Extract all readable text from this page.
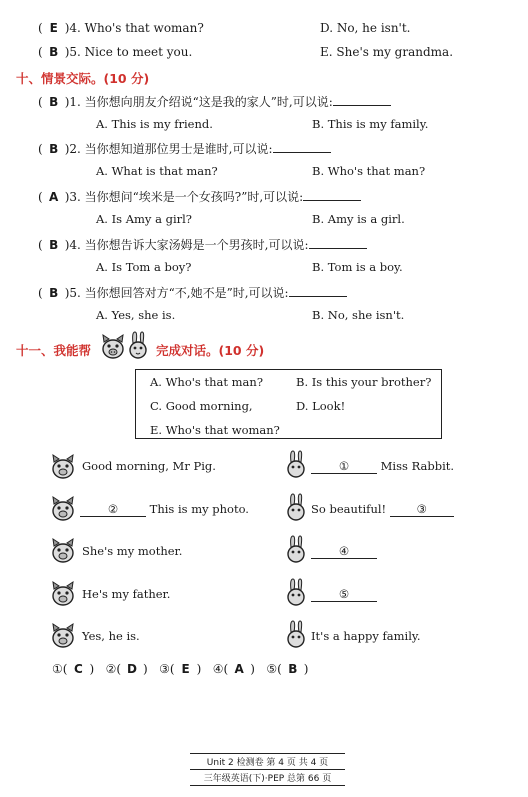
( E )4. Who's that woman?	D. No, he isn't.
( B )5. Nice to meet you.	E. She's my grandma.
十、情景交际。(10 分)
( B )1. 当你想向朋友介绍说“这是我的家人”时,可以说:
A. This is my friend.	B. This is my family.
( B )2. 当你想知道那位男士是谁时,可以说:
A. What is that man?	B. Who's that man?
( A )3. 当你想问“埃米是一个女孩吗?”时,可以说:
A. Is Amy a girl?	B. Amy is a girl.
( B )4. 当你想告诉大家汤姆是一个男孩时,可以说:
A. Is Tom a boy?	B. Tom is a boy.
( B )5. 当你想回答对方“不,她不是”时,可以说:
A. Yes, she is.	B. No, she isn't.
十一、我能帮	完成对话。(10 分)
A. Who's that man?	B. Is this your brother?
C. Good morning,	D. Look!
E. Who's that woman?
Good morning, Mr Pig.	①	Miss Rabbit.
②	This is my photo.	So beautiful!	③
She's my mother.	④
He's my father.	⑤
Yes, he is.	It's a happy family.
①( C )   ②( D )   ③( E )   ④( A )   ⑤( B )
Unit 2 检测卷 第 4 页 共 4 页
三年级英语(下)·PEP 总第 66 页
